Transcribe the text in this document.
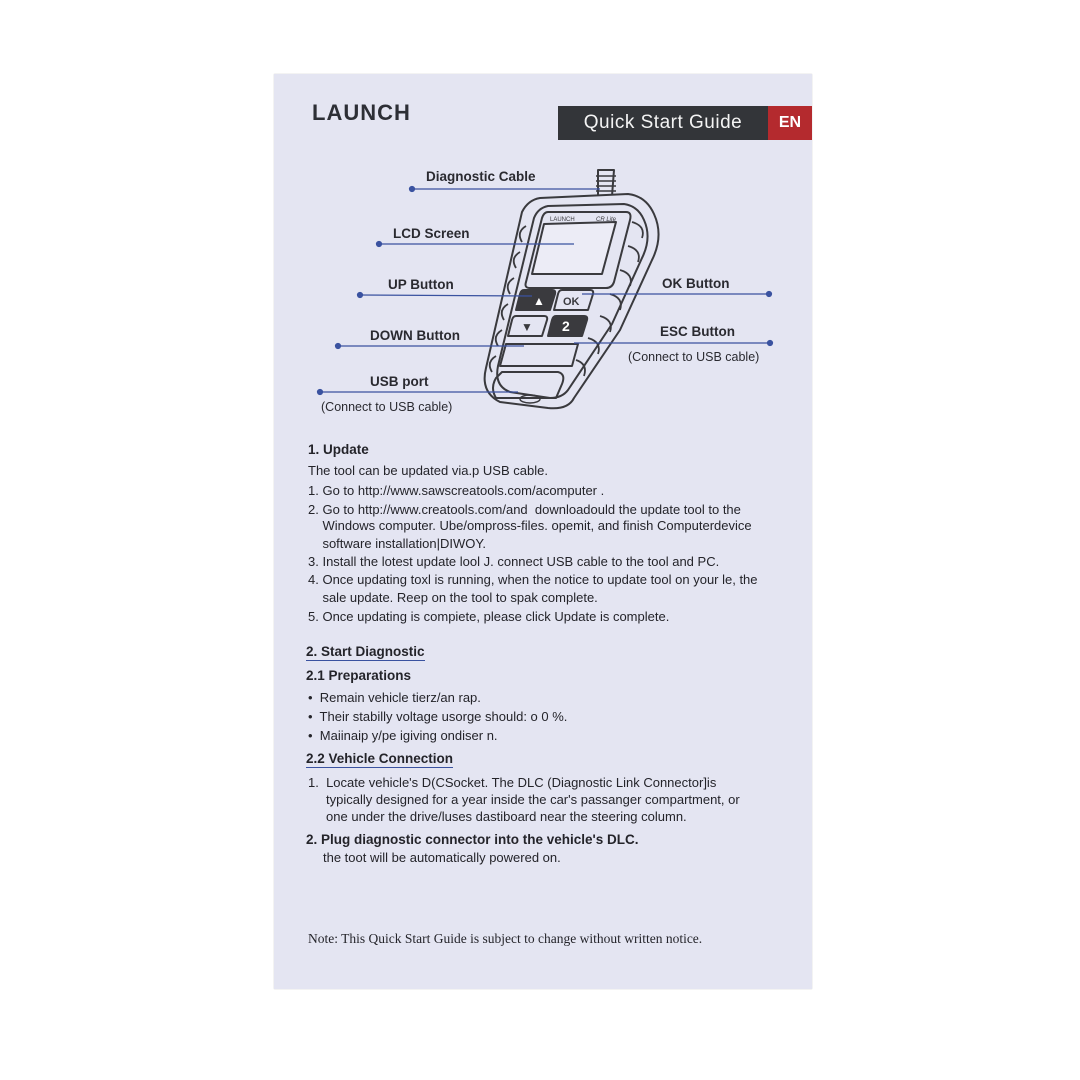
LAUNCH	Quick Start Guide	EN
▲ OK
▼ 2
LAUNCH	CR Lite
Diagnostic Cable
LCD Screen
UP Button	OK Button
DOWN Button	ESC Button
(Connect to USB cable)
USB port
(Connect to USB cable)
1. Update
The tool can be updated via.p USB cable.
1. Go to http://www.sawscreatools.com/acomputer .
2. Go to http://www.creatools.com/and  downloadould the update tool to the
Windows computer. Ube/ompross-files. opemit, and finish Computerdevice
software installation|DIWOY.
3. Install the lotest update lool J. connect USB cable to the tool and PC.
4. Once updating toxl is running, when the notice to update tool on your le, the
sale update. Reep on the tool to spak complete.
5. Once updating is compiete, please click Update is complete.
2. Start Diagnostic
2.1 Preparations
•  Remain vehicle tierz/an rap.
•  Their stabilly voltage usorge should: o 0 %.
•  Maiinaip y/pe igiving ondiser n.
2.2 Vehicle Connection
1.  Locate vehicle's D(CSocket. The DLC (Diagnostic Link Connector]is
typically designed for a year inside the car's passanger compartment, or
one under the drive/luses dastiboard near the steering column.
2. Plug diagnostic connector into the vehicle's DLC.
the toot will be automatically powered on.
Note: This Quick Start Guide is subject to change without written notice.
